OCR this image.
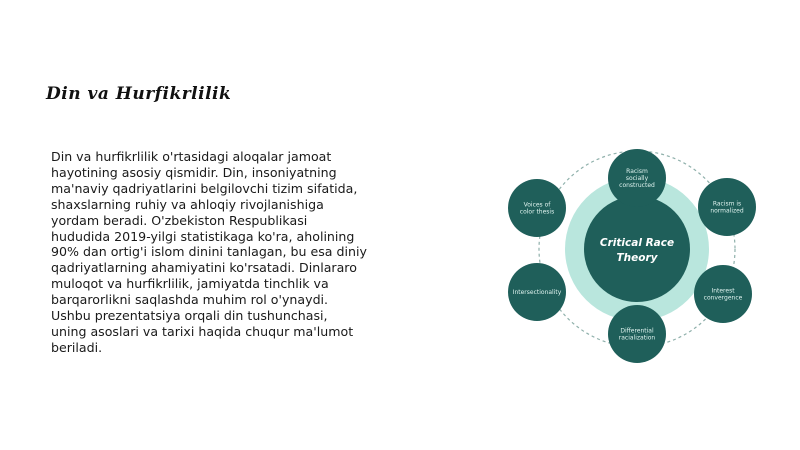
Din va Hurfikrlilik
Din va hurfikrlilik o'rtasidagi aloqalar jamoat
hayotining asosiy qismidir. Din, insoniyatning
ma'naviy qadriyatlarini belgilovchi tizim sifatida,
shaxslarning ruhiy va ahloqiy rivojlanishiga
yordam beradi. O'zbekiston Respublikasi
hududida 2019-yilgi statistikaga ko'ra, aholining
90% dan ortig'i islom dinini tanlagan, bu esa diniy
qadriyatlarning ahamiyatini ko'rsatadi. Dinlararo
muloqot va hurfikrlilik, jamiyatda tinchlik va
barqarorlikni saqlashda muhim rol o'ynaydi.
Ushbu prezentatsiya orqali din tushunchasi,
uning asoslari va tarixi haqida chuqur ma'lumot
beriladi.
Critical Race
Theory
Racism
socially
constructed
Racism is
normalized
Interest
convergence
Differential
racialization
Intersectionality
Voices of
color thesis
